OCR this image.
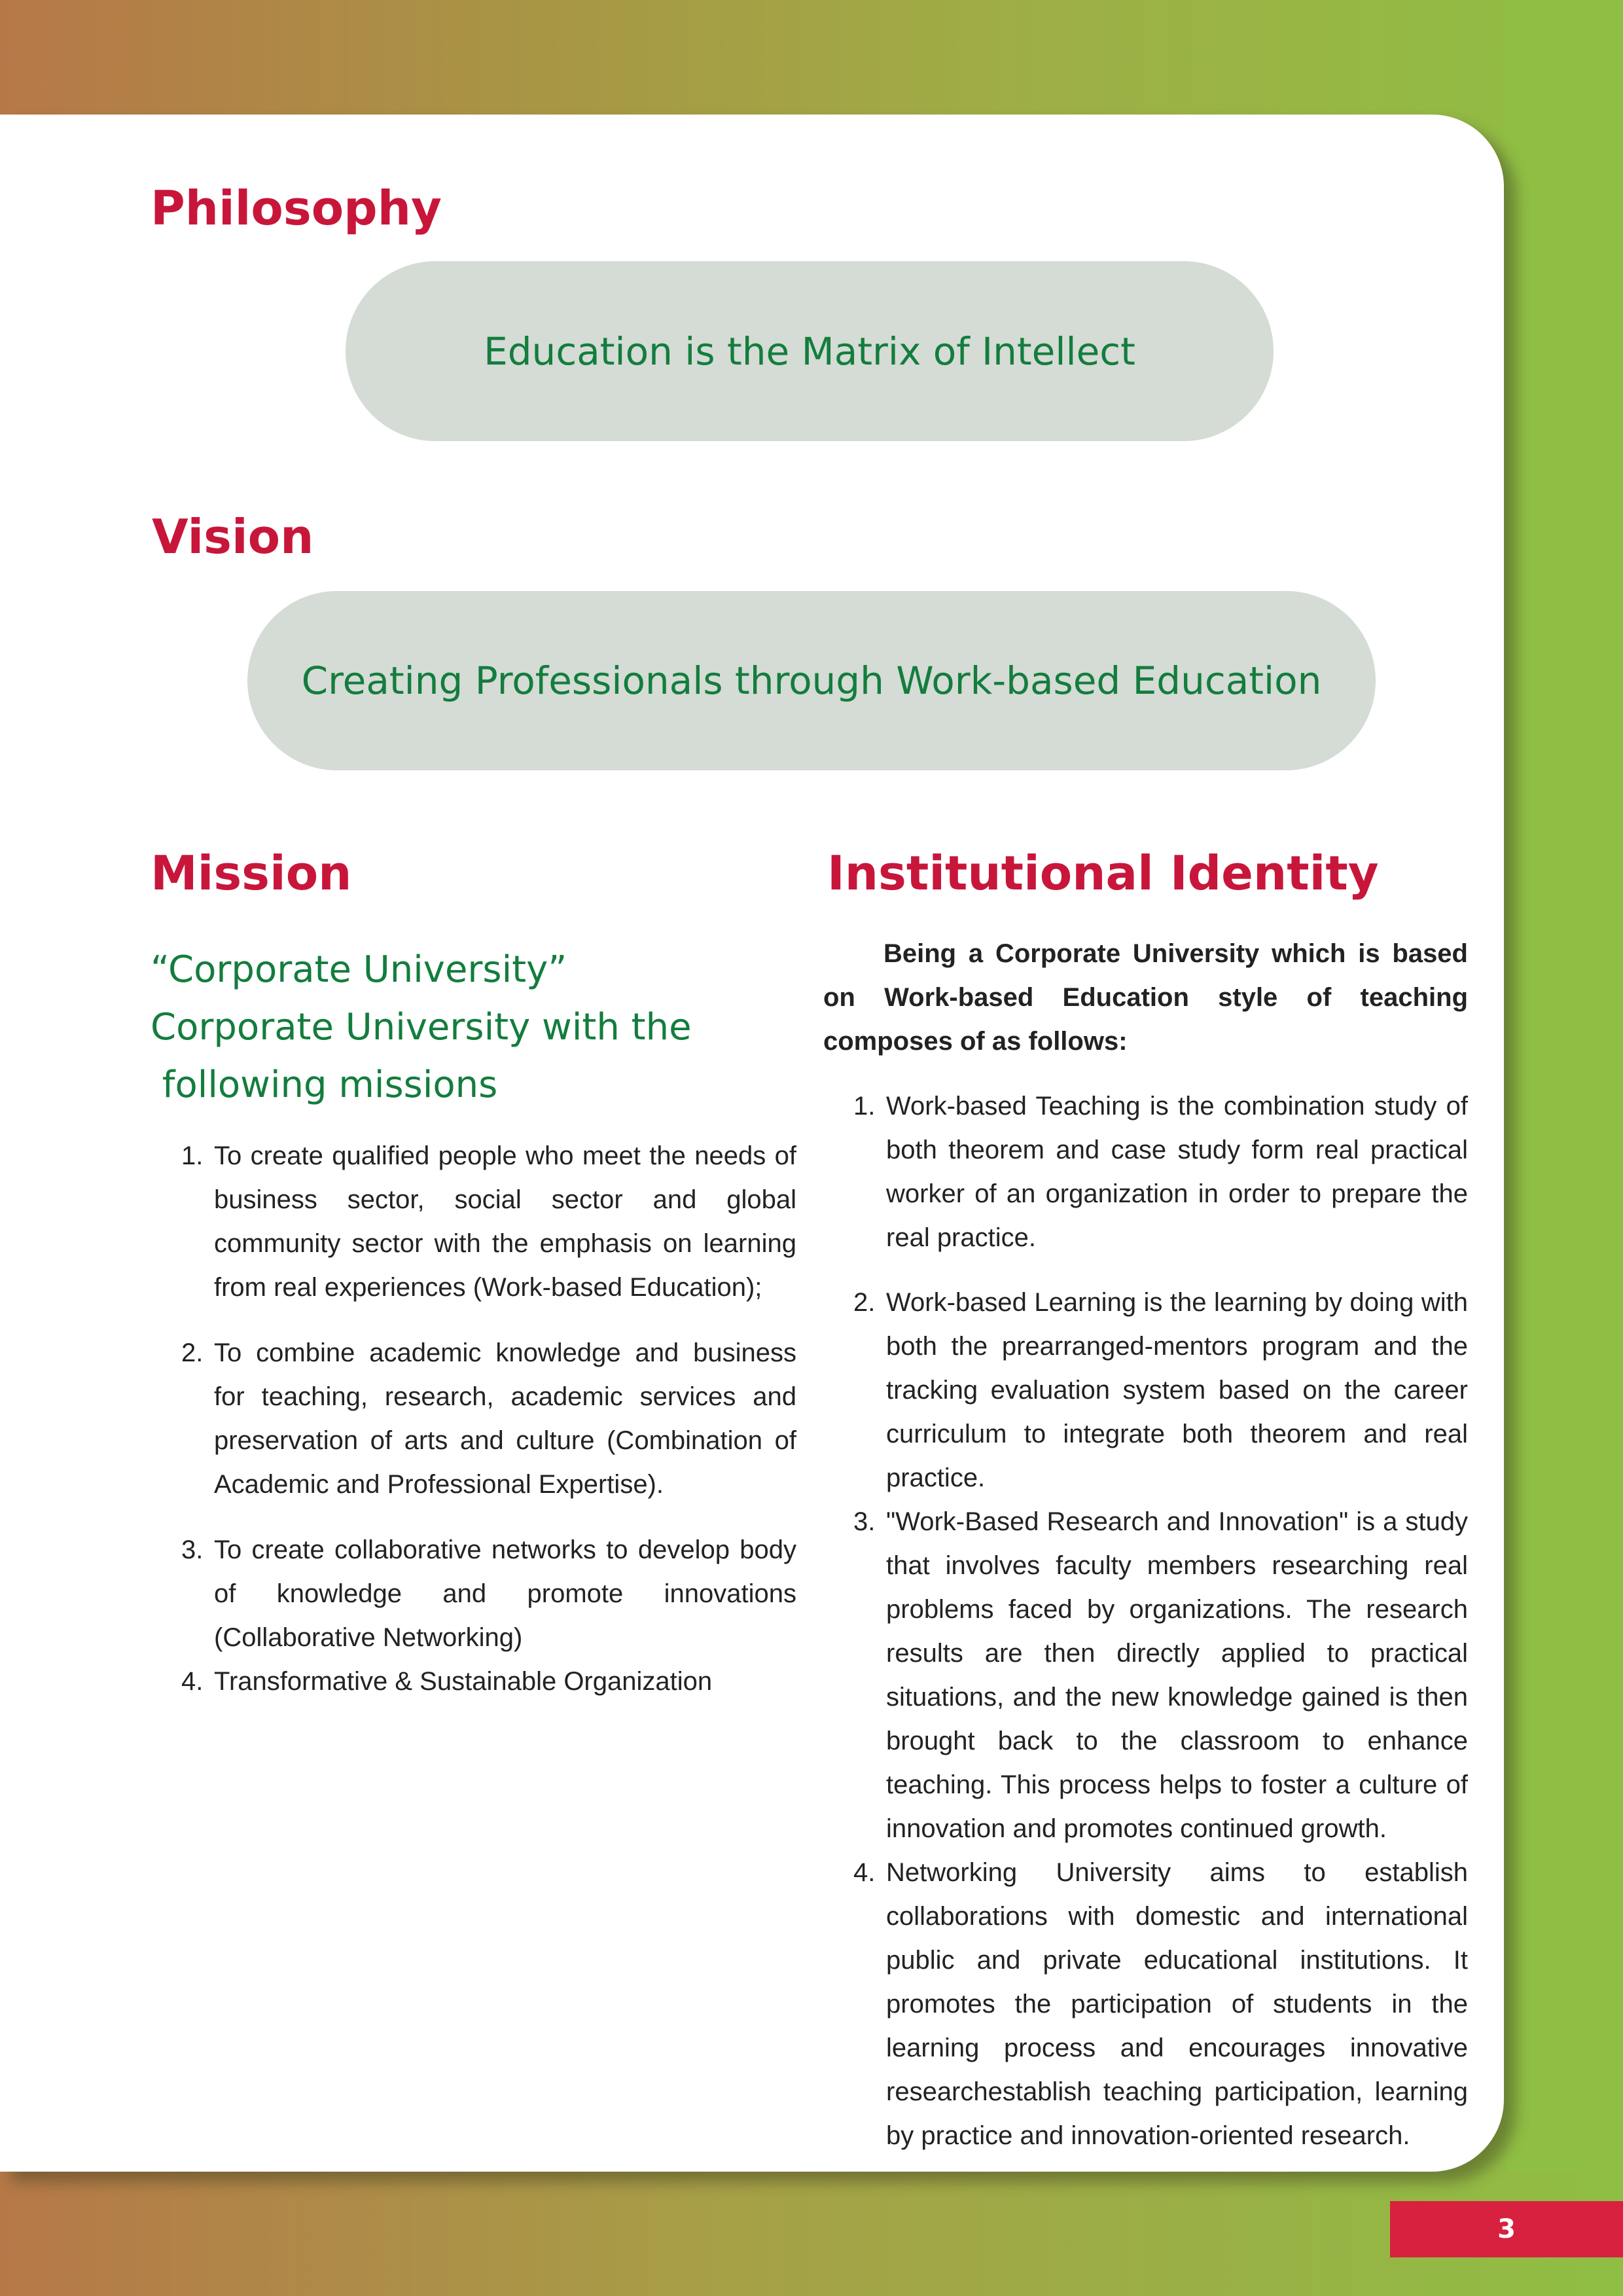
Philosophy
Education is the Matrix of Intellect
Vision
Creating Professionals through Work-based Education
Mission
“Corporate University”
Corporate University with the
following missions
1. To create qualified people who meet the needs of business sector, social sector and global community sector with the emphasis on learning from real experiences (Work-based Education);
2. To combine academic knowledge and business for teaching, research, academic services and preservation of arts and culture (Combination of Academic and Professional Expertise).
3. To create collaborative networks to develop body of knowledge and promote innovations (Collaborative Networking)
4. Transformative & Sustainable Organization
Institutional Identity

Being a Corporate University which is based on Work-based Education style of teaching composes of as follows:

1. Work-based Teaching is the combination study of both theorem and case study form real practical worker of an organization in order to prepare the real practice.
2. Work-based Learning is the learning by doing with both the prearranged-mentors program and the tracking evaluation system based on the career curriculum to integrate both theorem and real practice.
3. "Work-Based Research and Innovation" is a study that involves faculty members researching real problems faced by organizations. The research results are then directly applied to practical situations, and the new knowledge gained is then brought back to the classroom to enhance teaching. This process helps to foster a culture of innovation and promotes continued growth.
4. Networking University aims to establish collaborations with domestic and international public and private educational institutions. It promotes the participation of students in the learning process and encourages innovative researchestablish teaching participation, learning by practice and innovation-oriented research.
3
